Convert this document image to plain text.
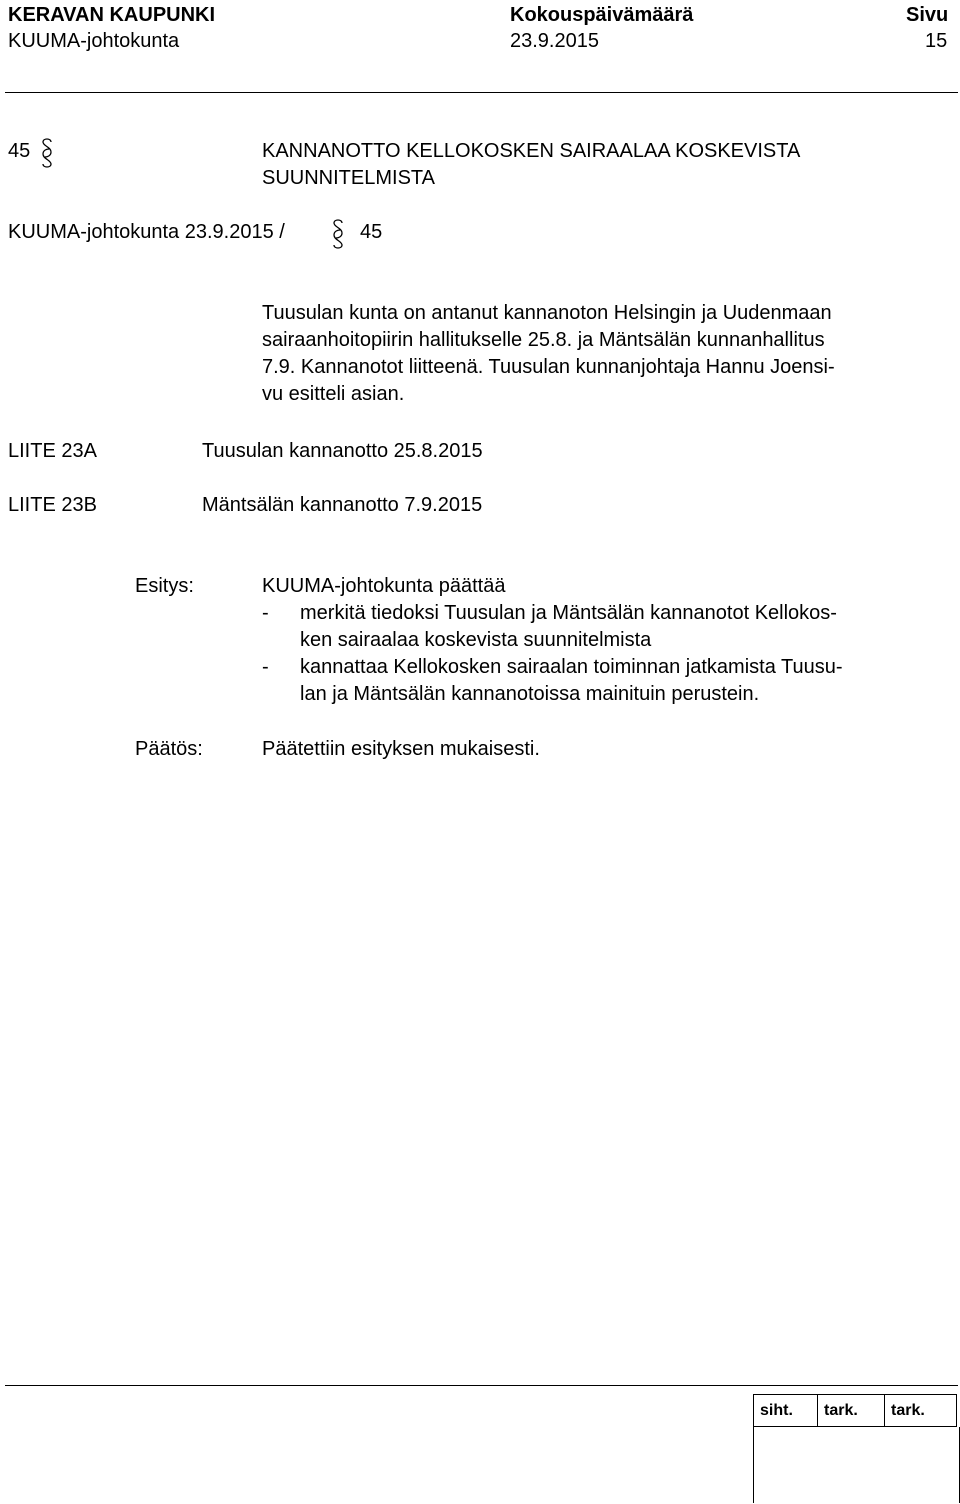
KERAVAN KAUPUNKI
KUUMA-johtokunta
Kokouspäivämäärä
23.9.2015
Sivu
15
45	KANNANOTTO KELLOKOSKEN SAIRAALAA KOSKEVISTA
SUUNNITELMISTA
KUUMA-johtokunta 23.9.2015 /	45
Tuusulan kunta on antanut kannanoton Helsingin ja Uudenmaan
sairaanhoitopiirin hallitukselle 25.8. ja Mäntsälän kunnanhallitus
7.9. Kannanotot liitteenä. Tuusulan kunnanjohtaja Hannu Joensi-
vu esitteli asian.
LIITE 23A	Tuusulan kannanotto 25.8.2015
LIITE 23B	Mäntsälän kannanotto 7.9.2015
Esitys:	KUUMA-johtokunta päättää
- merkitä tiedoksi Tuusulan ja Mäntsälän kannanotot Kellokos-
ken sairaalaa koskevista suunnitelmista
- kannattaa Kellokosken sairaalan toiminnan jatkamista Tuusu-
lan ja Mäntsälän kannanotoissa mainituin perustein.
Päätös:	Päätettiin esityksen mukaisesti.
siht.	tark.	tark.
